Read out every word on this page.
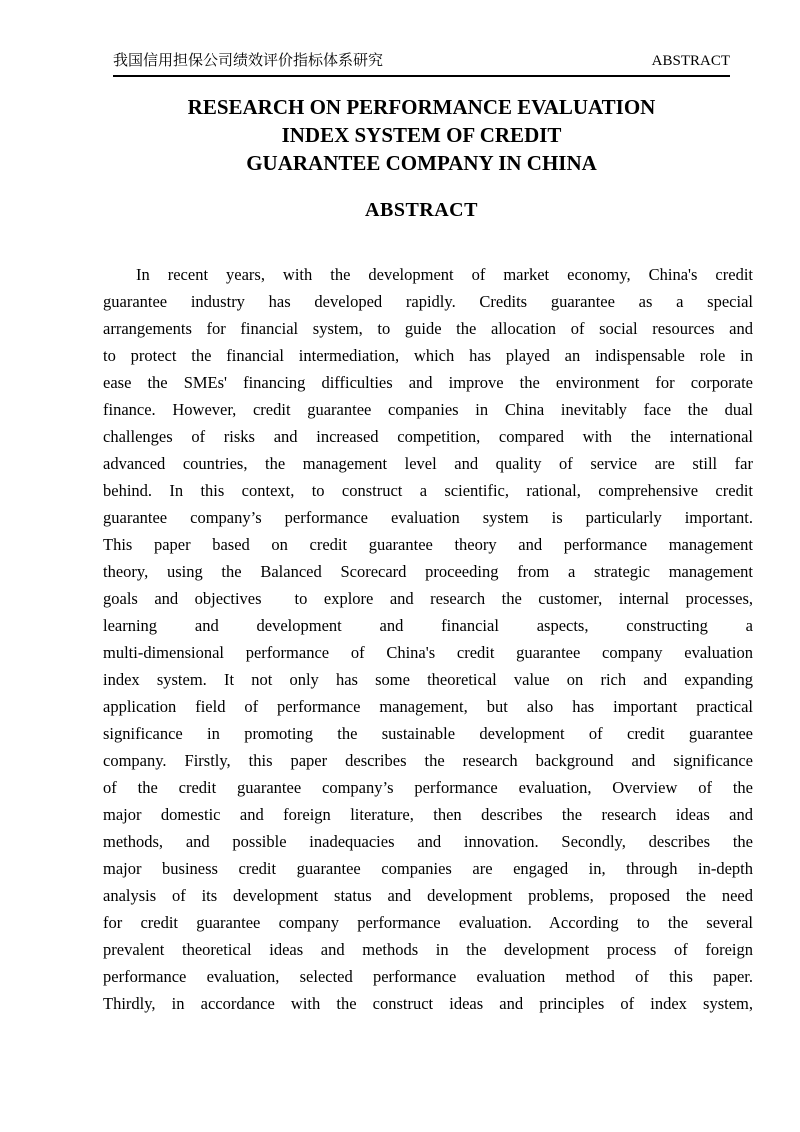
我国信用担保公司绩效评价指标体系研究	ABSTRACT
RESEARCH ON PERFORMANCE EVALUATION
INDEX SYSTEM OF CREDIT
GUARANTEE COMPANY IN CHINA
ABSTRACT
In recent years, with the development of market economy, China's credit
guarantee industry has developed rapidly. Credits guarantee as a special
arrangements for financial system, to guide the allocation of social resources and
to protect the financial intermediation, which has played an indispensable role in
ease the SMEs' financing difficulties and improve the environment for corporate
finance. However, credit guarantee companies in China inevitably face the dual
challenges of risks and increased competition, compared with the international
advanced countries, the management level and quality of service are still far
behind. In this context, to construct a scientific, rational, comprehensive credit
guarantee company’s performance evaluation system is particularly important.
This paper based on credit guarantee theory and performance management
theory, using the Balanced Scorecard proceeding from a strategic management
goals and objectives  to explore and research the customer, internal processes,
learning and development and financial aspects, constructing a
multi-dimensional performance of China's credit guarantee company evaluation
index system. It not only has some theoretical value on rich and expanding
application field of performance management, but also has important practical
significance in promoting the sustainable development of credit guarantee
company. Firstly, this paper describes the research background and significance
of the credit guarantee company’s performance evaluation, Overview of the
major domestic and foreign literature, then describes the research ideas and
methods, and possible inadequacies and innovation. Secondly, describes the
major business credit guarantee companies are engaged in, through in-depth
analysis of its development status and development problems, proposed the need
for credit guarantee company performance evaluation. According to the several
prevalent theoretical ideas and methods in the development process of foreign
performance evaluation, selected performance evaluation method of this paper.
Thirdly, in accordance with the construct ideas and principles of index system,
